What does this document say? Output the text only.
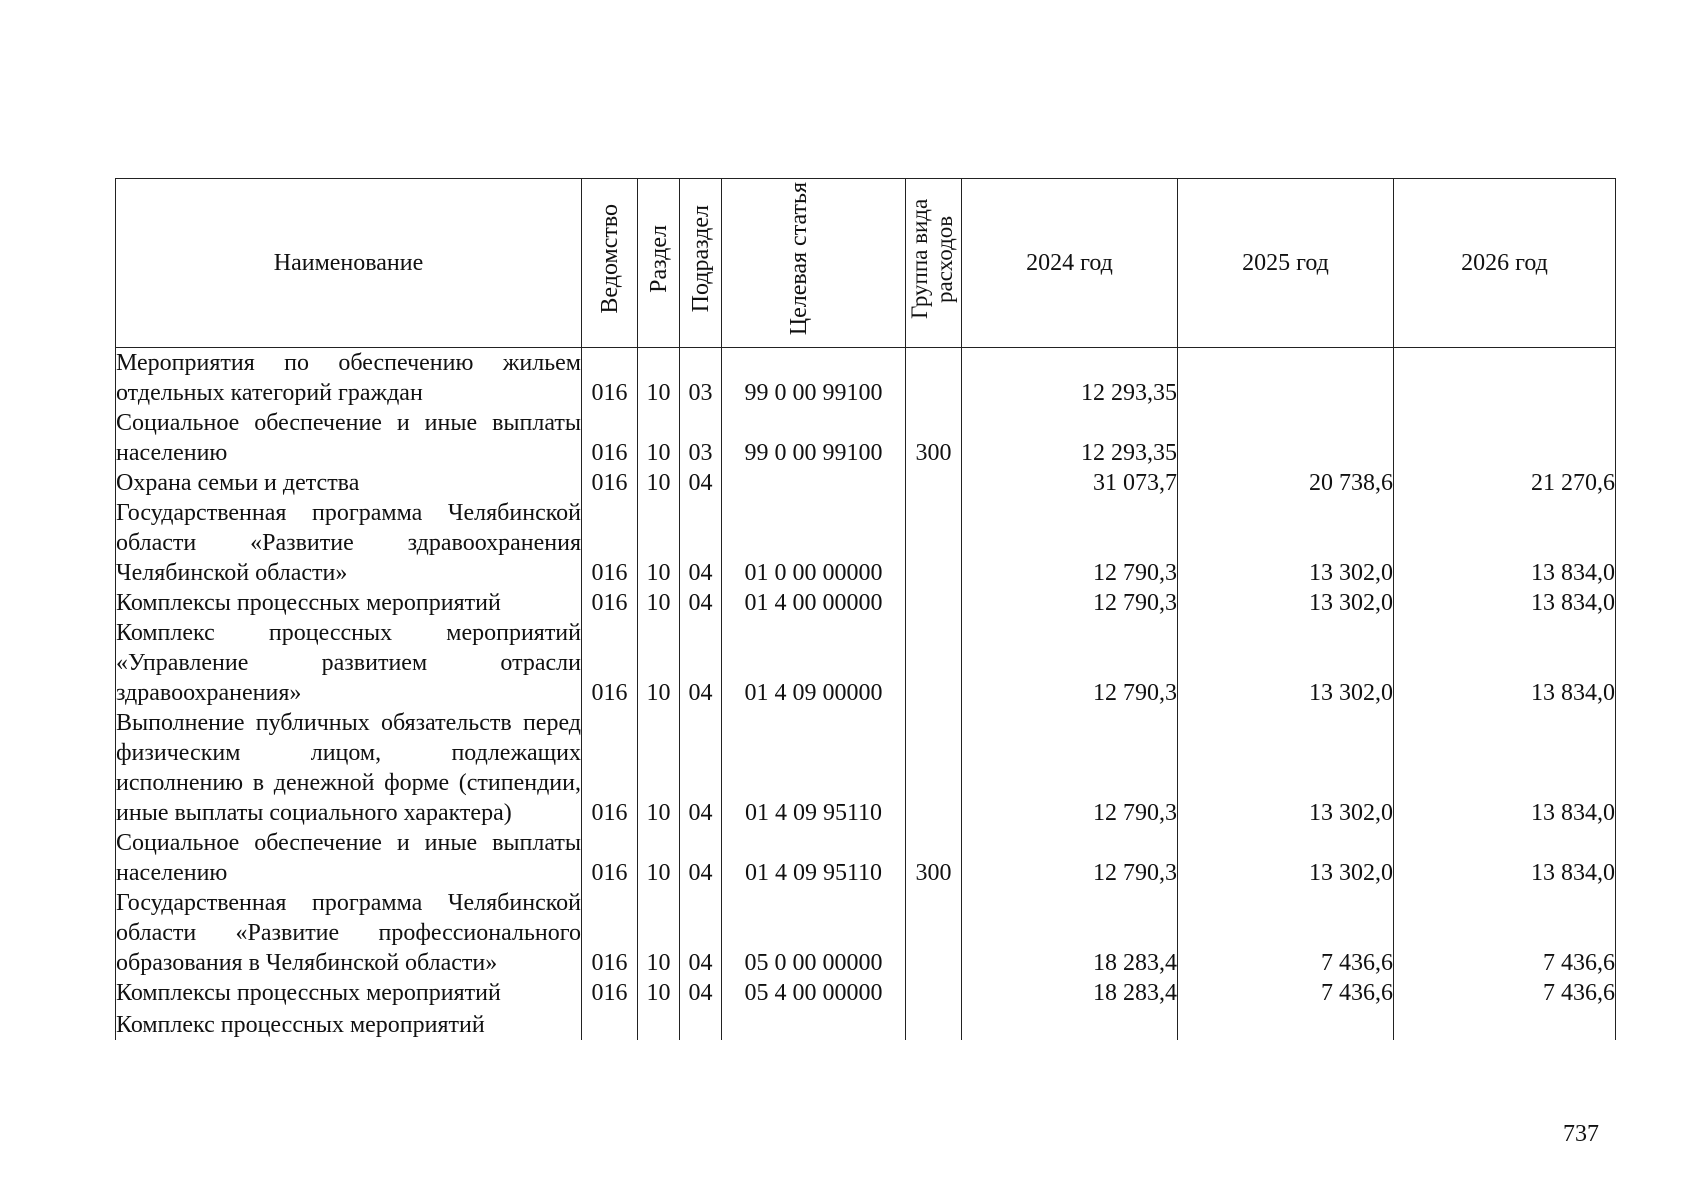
Наименование	Ведомство	Раздел	Подраздел	Целевая статья	Группа вида расходов	2024 год	2025 год	2026 год
Мероприятия по обеспечению жильем отдельных категорий граждан	016	10	03	99 0 00 99100		12 293,35		
Социальное обеспечение и иные выплаты населению	016	10	03	99 0 00 99100	300	12 293,35		
Охрана семьи и детства	016	10	04			31 073,7	20 738,6	21 270,6
Государственная программа Челябинской области «Развитие здравоохранения Челябинской области»	016	10	04	01 0 00 00000		12 790,3	13 302,0	13 834,0
Комплексы процессных мероприятий	016	10	04	01 4 00 00000		12 790,3	13 302,0	13 834,0
Комплекс процессных мероприятий «Управление развитием отрасли здравоохранения»	016	10	04	01 4 09 00000		12 790,3	13 302,0	13 834,0
Выполнение публичных обязательств перед физическим лицом, подлежащих исполнению в денежной форме (стипендии, иные выплаты социального характера)	016	10	04	01 4 09 95110		12 790,3	13 302,0	13 834,0
Социальное обеспечение и иные выплаты населению	016	10	04	01 4 09 95110	300	12 790,3	13 302,0	13 834,0
Государственная программа Челябинской области «Развитие профессионального образования в Челябинской области»	016	10	04	05 0 00 00000		18 283,4	7 436,6	7 436,6
Комплексы процессных мероприятий	016	10	04	05 4 00 00000		18 283,4	7 436,6	7 436,6
Комплекс процессных мероприятий								
737
